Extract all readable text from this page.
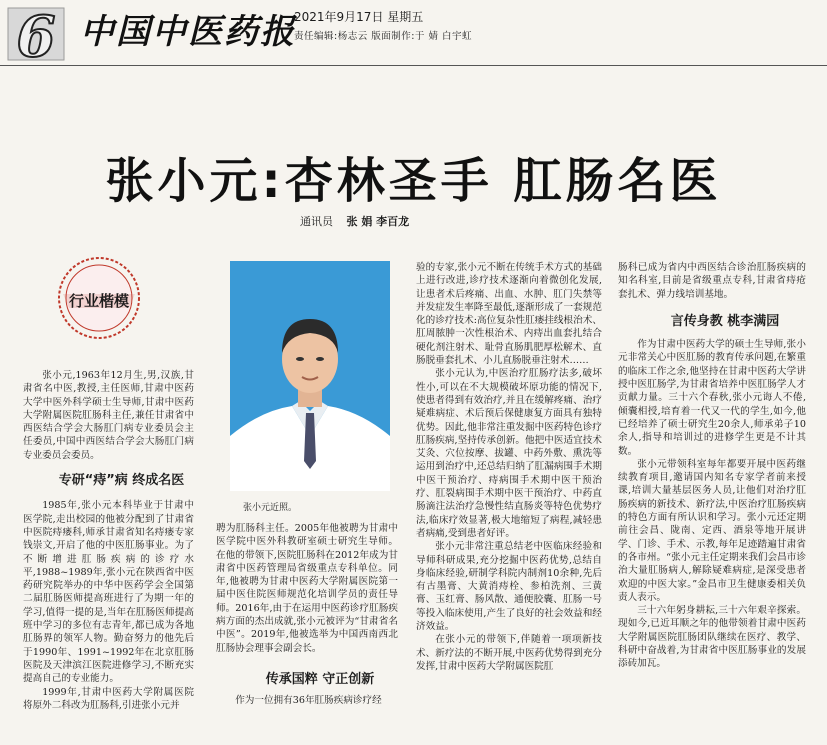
6 中国中医药报
2021年9月17日 星期五
责任编辑:杨志云 版面制作:于 婧 白宇虹
张小元:杏林圣手 肛肠名医
通讯员 张 娟 李百龙
行业楷模
张小元近照。

张小元,1963年12月生,男,汉族,甘肃省名中医,教授,主任医师,甘肃中医药大学中医外科学硕士生导师,甘肃中医药大学附属医院肛肠科主任,兼任甘肃省中西医结合学会大肠肛门病专业委员会主任委员,中国中西医结合学会大肠肛门病专业委员会委员。

专研“痔”病 终成名医

1985年,张小元本科毕业于甘肃中医学院,走出校园的他被分配到了甘肃省中医院痔瘘科,师承甘肃省知名痔瘘专家钱崇文,开启了他的中医肛肠事业。为了不断增进肛肠疾病的诊疗水平,1988~1989年,张小元在陕西省中医药研究院举办的中华中医药学会全国第二届肛肠医师提高班进行了为期一年的学习,值得一提的是,当年在肛肠医师提高班中学习的多位有志青年,都已成为各地肛肠界的领军人物。勤奋努力的他先后于1990年、1991~1992年在北京肛肠医院及天津滨江医院进修学习,不断充实提高自己的专业能力。

1999年,甘肃中医药大学附属医院将原外二科改为肛肠科,引进张小元并

聘为肛肠科主任。2005年他被聘为甘肃中医学院中医外科教研室硕士研究生导师。在他的带领下,医院肛肠科在2012年成为甘肃省中医药管理局省级重点专科单位。同年,他被聘为甘肃中医药大学附属医院第一届中医住院医师规范化培训学员的责任导师。2016年,由于在运用中医药诊疗肛肠疾病方面的杰出成就,张小元被评为“甘肃省名中医”。2019年,他被选举为中国西南西北肛肠协会理事会副会长。

传承国粹 守正创新

作为一位拥有36年肛肠疾病诊疗经

验的专家,张小元不断在传统手术方式的基础上进行改进,诊疗技术逐渐向着微创化发展,让患者术后疼痛、出血、水肿、肛门失禁等并发症发生率降至最低,逐渐形成了一套规范化的诊疗技术:高位复杂性肛瘘挂线根治术、肛周脓肿一次性根治术、内痔出血套扎结合硬化剂注射术、耻骨直肠肌肥厚松解术、直肠脱垂套扎术、小儿直肠脱垂注射术……

张小元认为,中医治疗肛肠疗法多,破坏性小,可以在不大规模破坏原功能的情况下,使患者得到有效治疗,并且在缓解疼痛、治疗疑难病症、术后预后保健康复方面具有独特优势。因此,他非常注重发掘中医药特色诊疗肛肠疾病,坚持传承创新。他把中医适宜技术艾灸、穴位按摩、拔罐、中药外敷、熏洗等运用到治疗中,还总结归纳了肛漏病围手术期中医干预治疗、痔病围手术期中医干预治疗、肛裂病围手术期中医干预治疗、中药直肠滴注法治疗急慢性结直肠炎等特色优势疗法,临床疗效显著,极大地缩短了病程,减轻患者病痛,受到患者好评。

张小元非常注重总结老中医临床经验和导师科研成果,充分挖掘中医药优势,总结自身临床经验,研制学科院内制剂10余种,先后有古墨膏、大黄消痔栓、参柏洗剂、三黄膏、玉红膏、肠风散、通便胶囊、肛肠一号等投入临床使用,产生了良好的社会效益和经济效益。

在张小元的带领下,伴随着一项项新技术、新疗法的不断开展,中医药优势得到充分发挥,甘肃中医药大学附属医院肛

肠科已成为省内中西医结合诊治肛肠疾病的知名科室,目前是省级重点专科,甘肃省痔疮套扎术、弹力线培训基地。

言传身教 桃李满园

作为甘肃中医药大学的硕士生导师,张小元非常关心中医肛肠的教育传承问题,在繁重的临床工作之余,他坚持在甘肃中医药大学讲授中医肛肠学,为甘肃省培养中医肛肠学人才贡献力量。三十六个春秋,张小元诲人不倦,倾囊相授,培育着一代又一代的学生,如今,他已经培养了硕士研究生20余人,师承弟子10余人,指导和培训过的进修学生更是不计其数。

张小元带领科室每年都要开展中医药继续教育项目,邀请国内知名专家学者前来授课,培训大量基层医务人员,让他们对治疗肛肠疾病的新技术、新疗法,中医治疗肛肠疾病的特色方面有所认识和学习。张小元还定期前往会昌、陇南、定西、酒泉等地开展讲学、门诊、手术、示教,每年足迹踏遍甘肃省的各市州。“张小元主任定期来我们会昌市诊治大量肛肠病人,解除疑难病症,是深受患者欢迎的中医大家。”金昌市卫生健康委相关负责人表示。

三十六年躬身耕耘,三十六年艰辛探索。现如今,已近耳顺之年的他带领着甘肃中医药大学附属医院肛肠团队继续在医疗、教学、科研中奋战着,为甘肃省中医肛肠事业的发展添砖加瓦。
